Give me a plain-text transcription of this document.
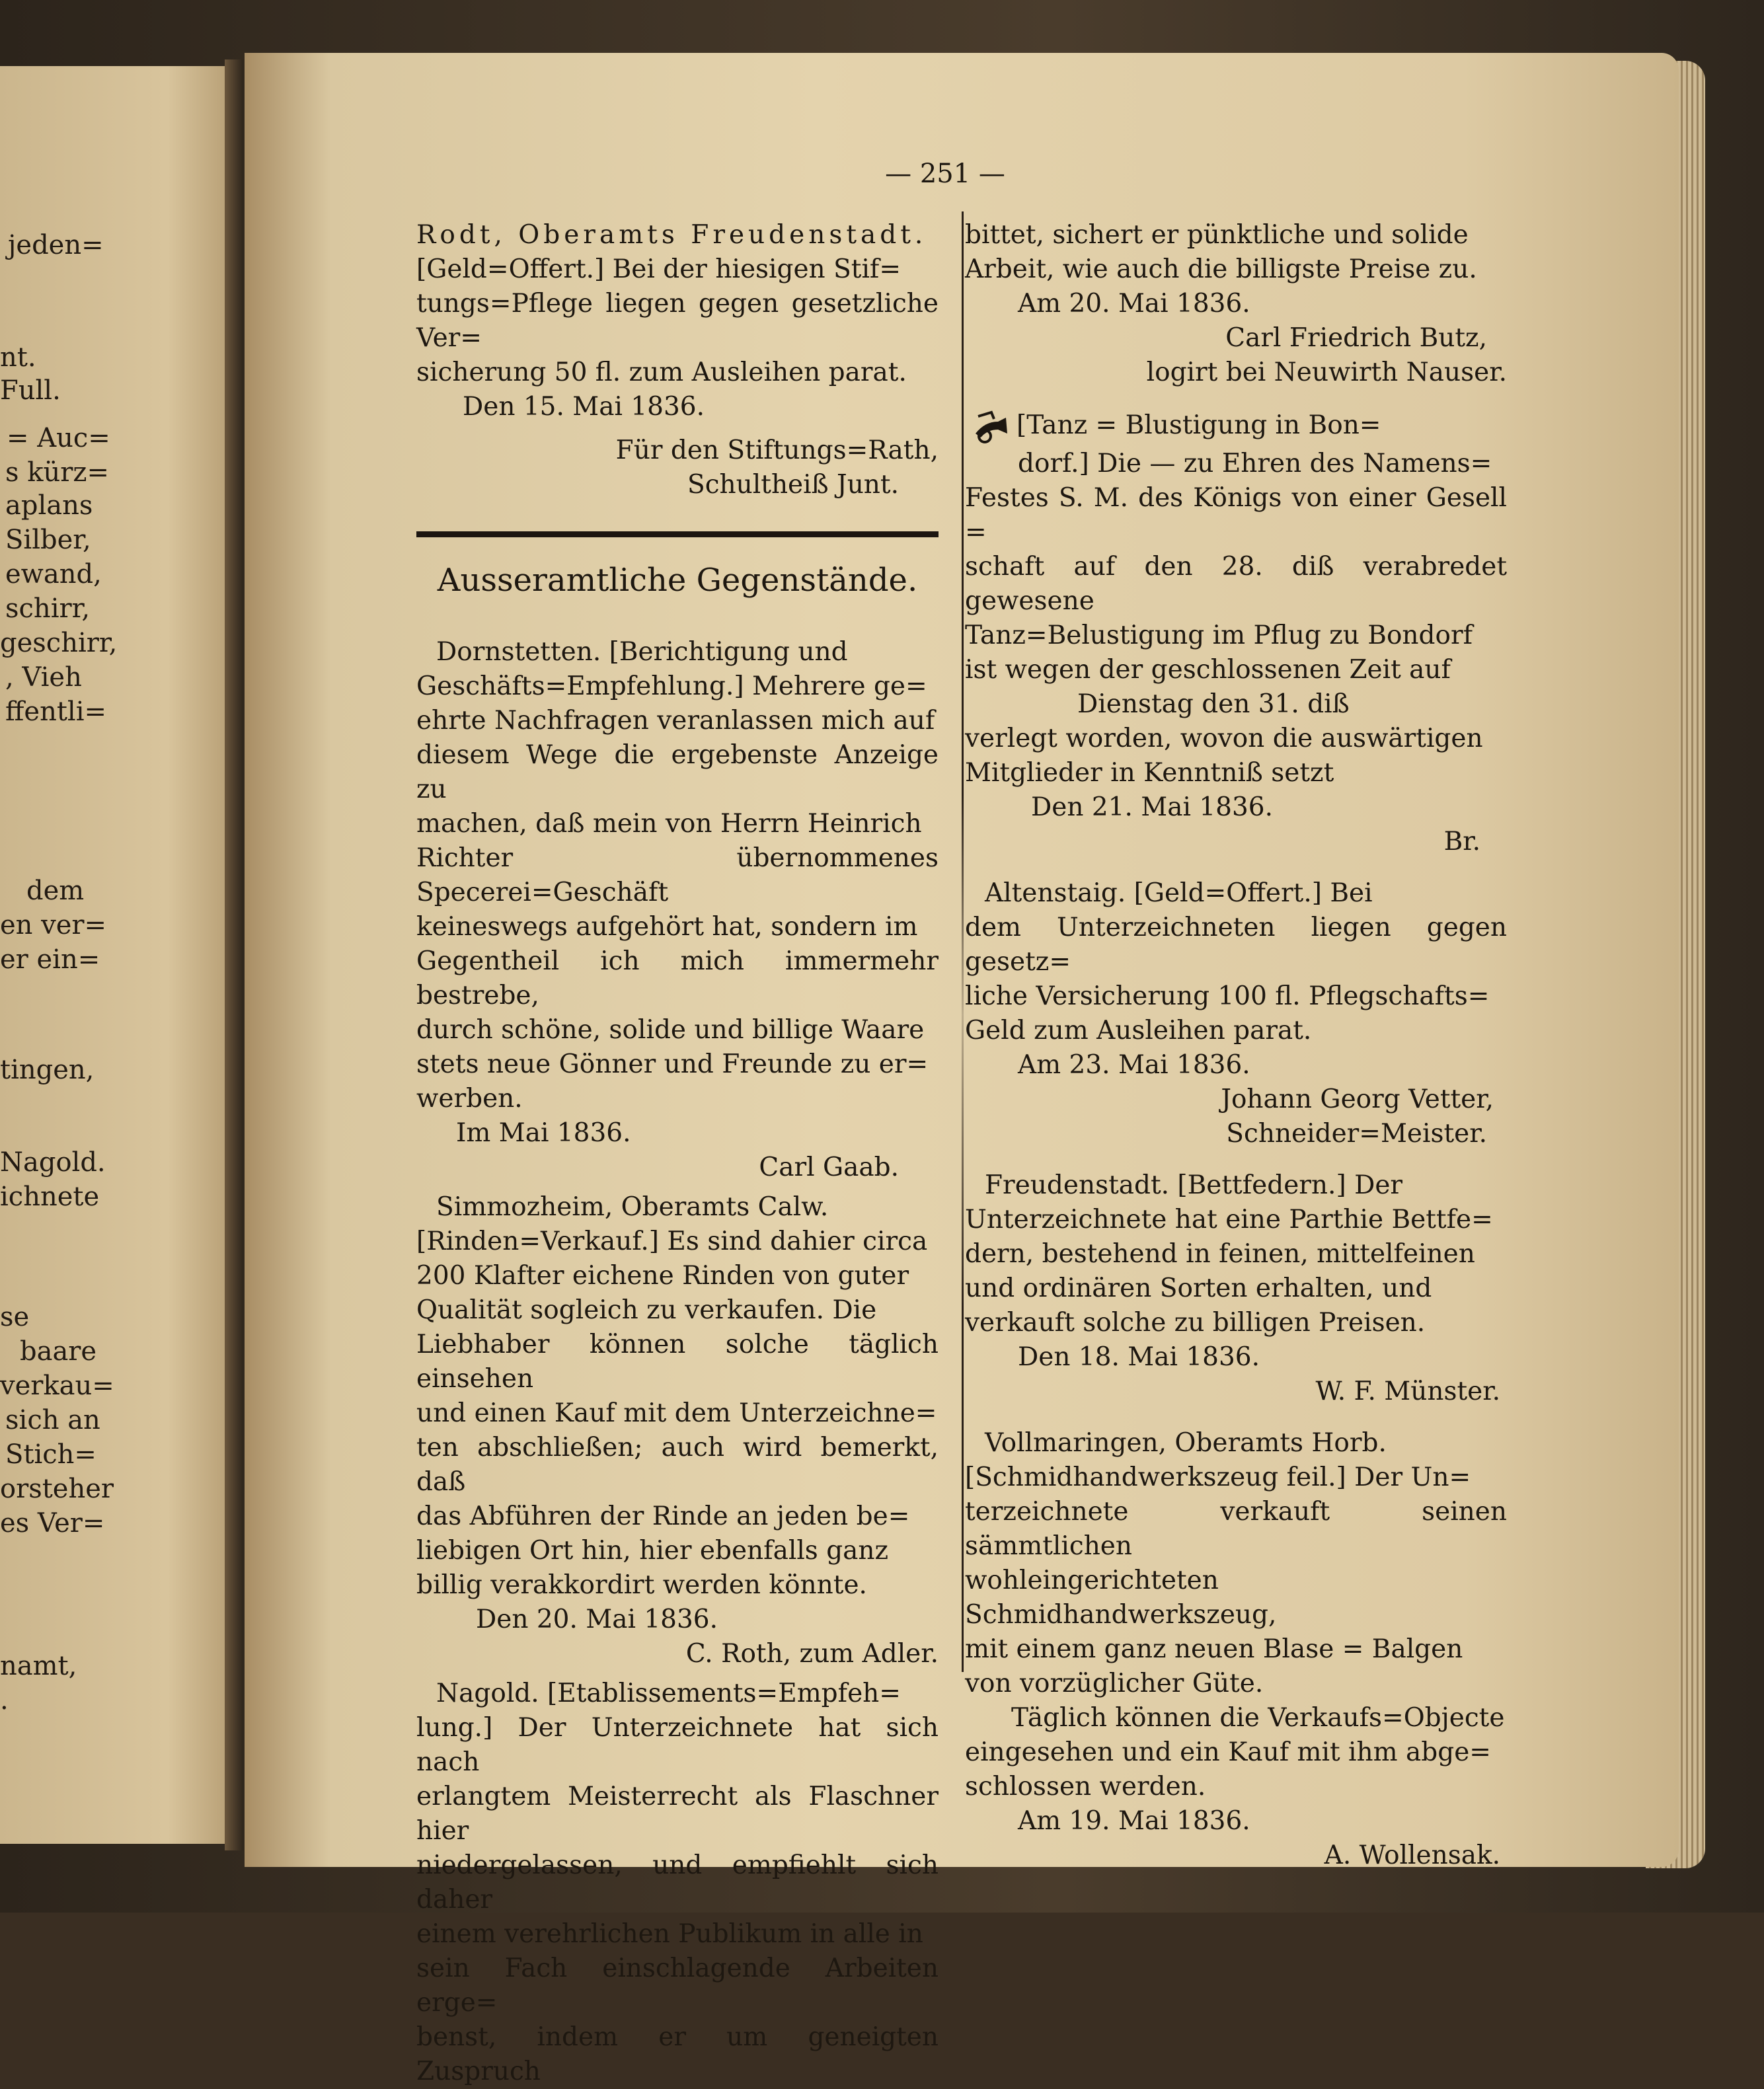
jeden=
nt.
Full.
= Auc=
s kürz=
aplans
Silber,
ewand,
schirr,
geschirr,
, Vieh
ffentli=
dem
en ver=
er ein=
tingen,
Nagold.
ichnete
se
baare
verkau=
sich an
Stich=
orsteher
es Ver=
namt,
.
— 251 —

Rodt, Oberamts Freudenstadt.

[Geld=Offert.] Bei der hiesigen Stif=

tungs=Pflege liegen gegen gesetzliche Ver=

sicherung 50 fl. zum Ausleihen parat.

Den 15. Mai 1836.

Für den Stiftungs=Rath,

Schultheiß Junt.

Ausseramtliche Gegenstände.

Dornstetten. [Berichtigung und

Geschäfts=Empfehlung.] Mehrere ge=

ehrte Nachfragen veranlassen mich auf

diesem Wege die ergebenste Anzeige zu

machen, daß mein von Herrn Heinrich

Richter übernommenes Specerei=Geschäft

keineswegs aufgehört hat, sondern im

Gegentheil ich mich immermehr bestrebe,

durch schöne, solide und billige Waare

stets neue Gönner und Freunde zu er=

werben.

Im Mai 1836.

Carl Gaab.

Simmozheim, Oberamts Calw.

[Rinden=Verkauf.] Es sind dahier circa

200 Klafter eichene Rinden von guter

Qualität sogleich zu verkaufen. Die

Liebhaber können solche täglich einsehen

und einen Kauf mit dem Unterzeichne=

ten abschließen; auch wird bemerkt, daß

das Abführen der Rinde an jeden be=

liebigen Ort hin, hier ebenfalls ganz

billig verakkordirt werden könnte.

Den 20. Mai 1836.

C. Roth, zum Adler.

Nagold. [Etablissements=Empfeh=

lung.] Der Unterzeichnete hat sich nach

erlangtem Meisterrecht als Flaschner hier

niedergelassen, und empfiehlt sich daher

einem verehrlichen Publikum in alle in

sein Fach einschlagende Arbeiten erge=

benst, indem er um geneigten Zuspruch

bittet, sichert er pünktliche und solide

Arbeit, wie auch die billigste Preise zu.

Am 20. Mai 1836.

Carl Friedrich Butz,

logirt bei Neuwirth Nauser.

[Tanz = Blustigung in Bon=

dorf.] Die — zu Ehren des Namens=

Festes S. M. des Königs von einer Gesell =

schaft auf den 28. diß verabredet gewesene

Tanz=Belustigung im Pflug zu Bondorf

ist wegen der geschlossenen Zeit auf

Dienstag den 31. diß

verlegt worden, wovon die auswärtigen

Mitglieder in Kenntniß setzt

Den 21. Mai 1836.

Br.

Altenstaig. [Geld=Offert.] Bei

dem Unterzeichneten liegen gegen gesetz=

liche Versicherung 100 fl. Pflegschafts=

Geld zum Ausleihen parat.

Am 23. Mai 1836.

Johann Georg Vetter,

Schneider=Meister.

Freudenstadt. [Bettfedern.] Der

Unterzeichnete hat eine Parthie Bettfe=

dern, bestehend in feinen, mittelfeinen

und ordinären Sorten erhalten, und

verkauft solche zu billigen Preisen.

Den 18. Mai 1836.

W. F. Münster.

Vollmaringen, Oberamts Horb.

[Schmidhandwerkszeug feil.] Der Un=

terzeichnete verkauft seinen sämmtlichen

wohleingerichteten Schmidhandwerkszeug,

mit einem ganz neuen Blase = Balgen

von vorzüglicher Güte.

Täglich können die Verkaufs=Objecte

eingesehen und ein Kauf mit ihm abge=

schlossen werden.

Am 19. Mai 1836.

A. Wollensak.
